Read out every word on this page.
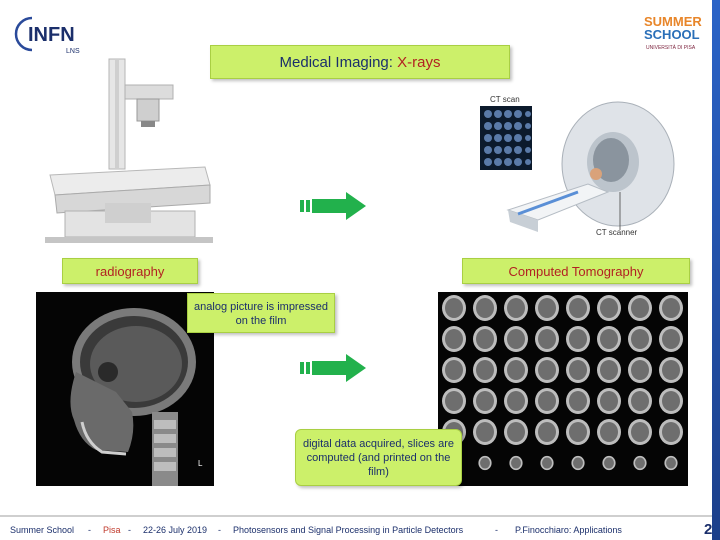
INFN
LNS
SUMMER
SCHOOL
UNIVERSITÀ DI PISA
Medical Imaging: X-rays
CT scan
CT scanner
radiography	Computed Tomography
L
analog picture is impressed on the film
digital data acquired, slices are computed (and printed on the film)
Summer School - Pisa - 22-26 July 2019 - Photosensors and Signal Processing in Particle Detectors	- P.Finocchiaro: Applications	2
